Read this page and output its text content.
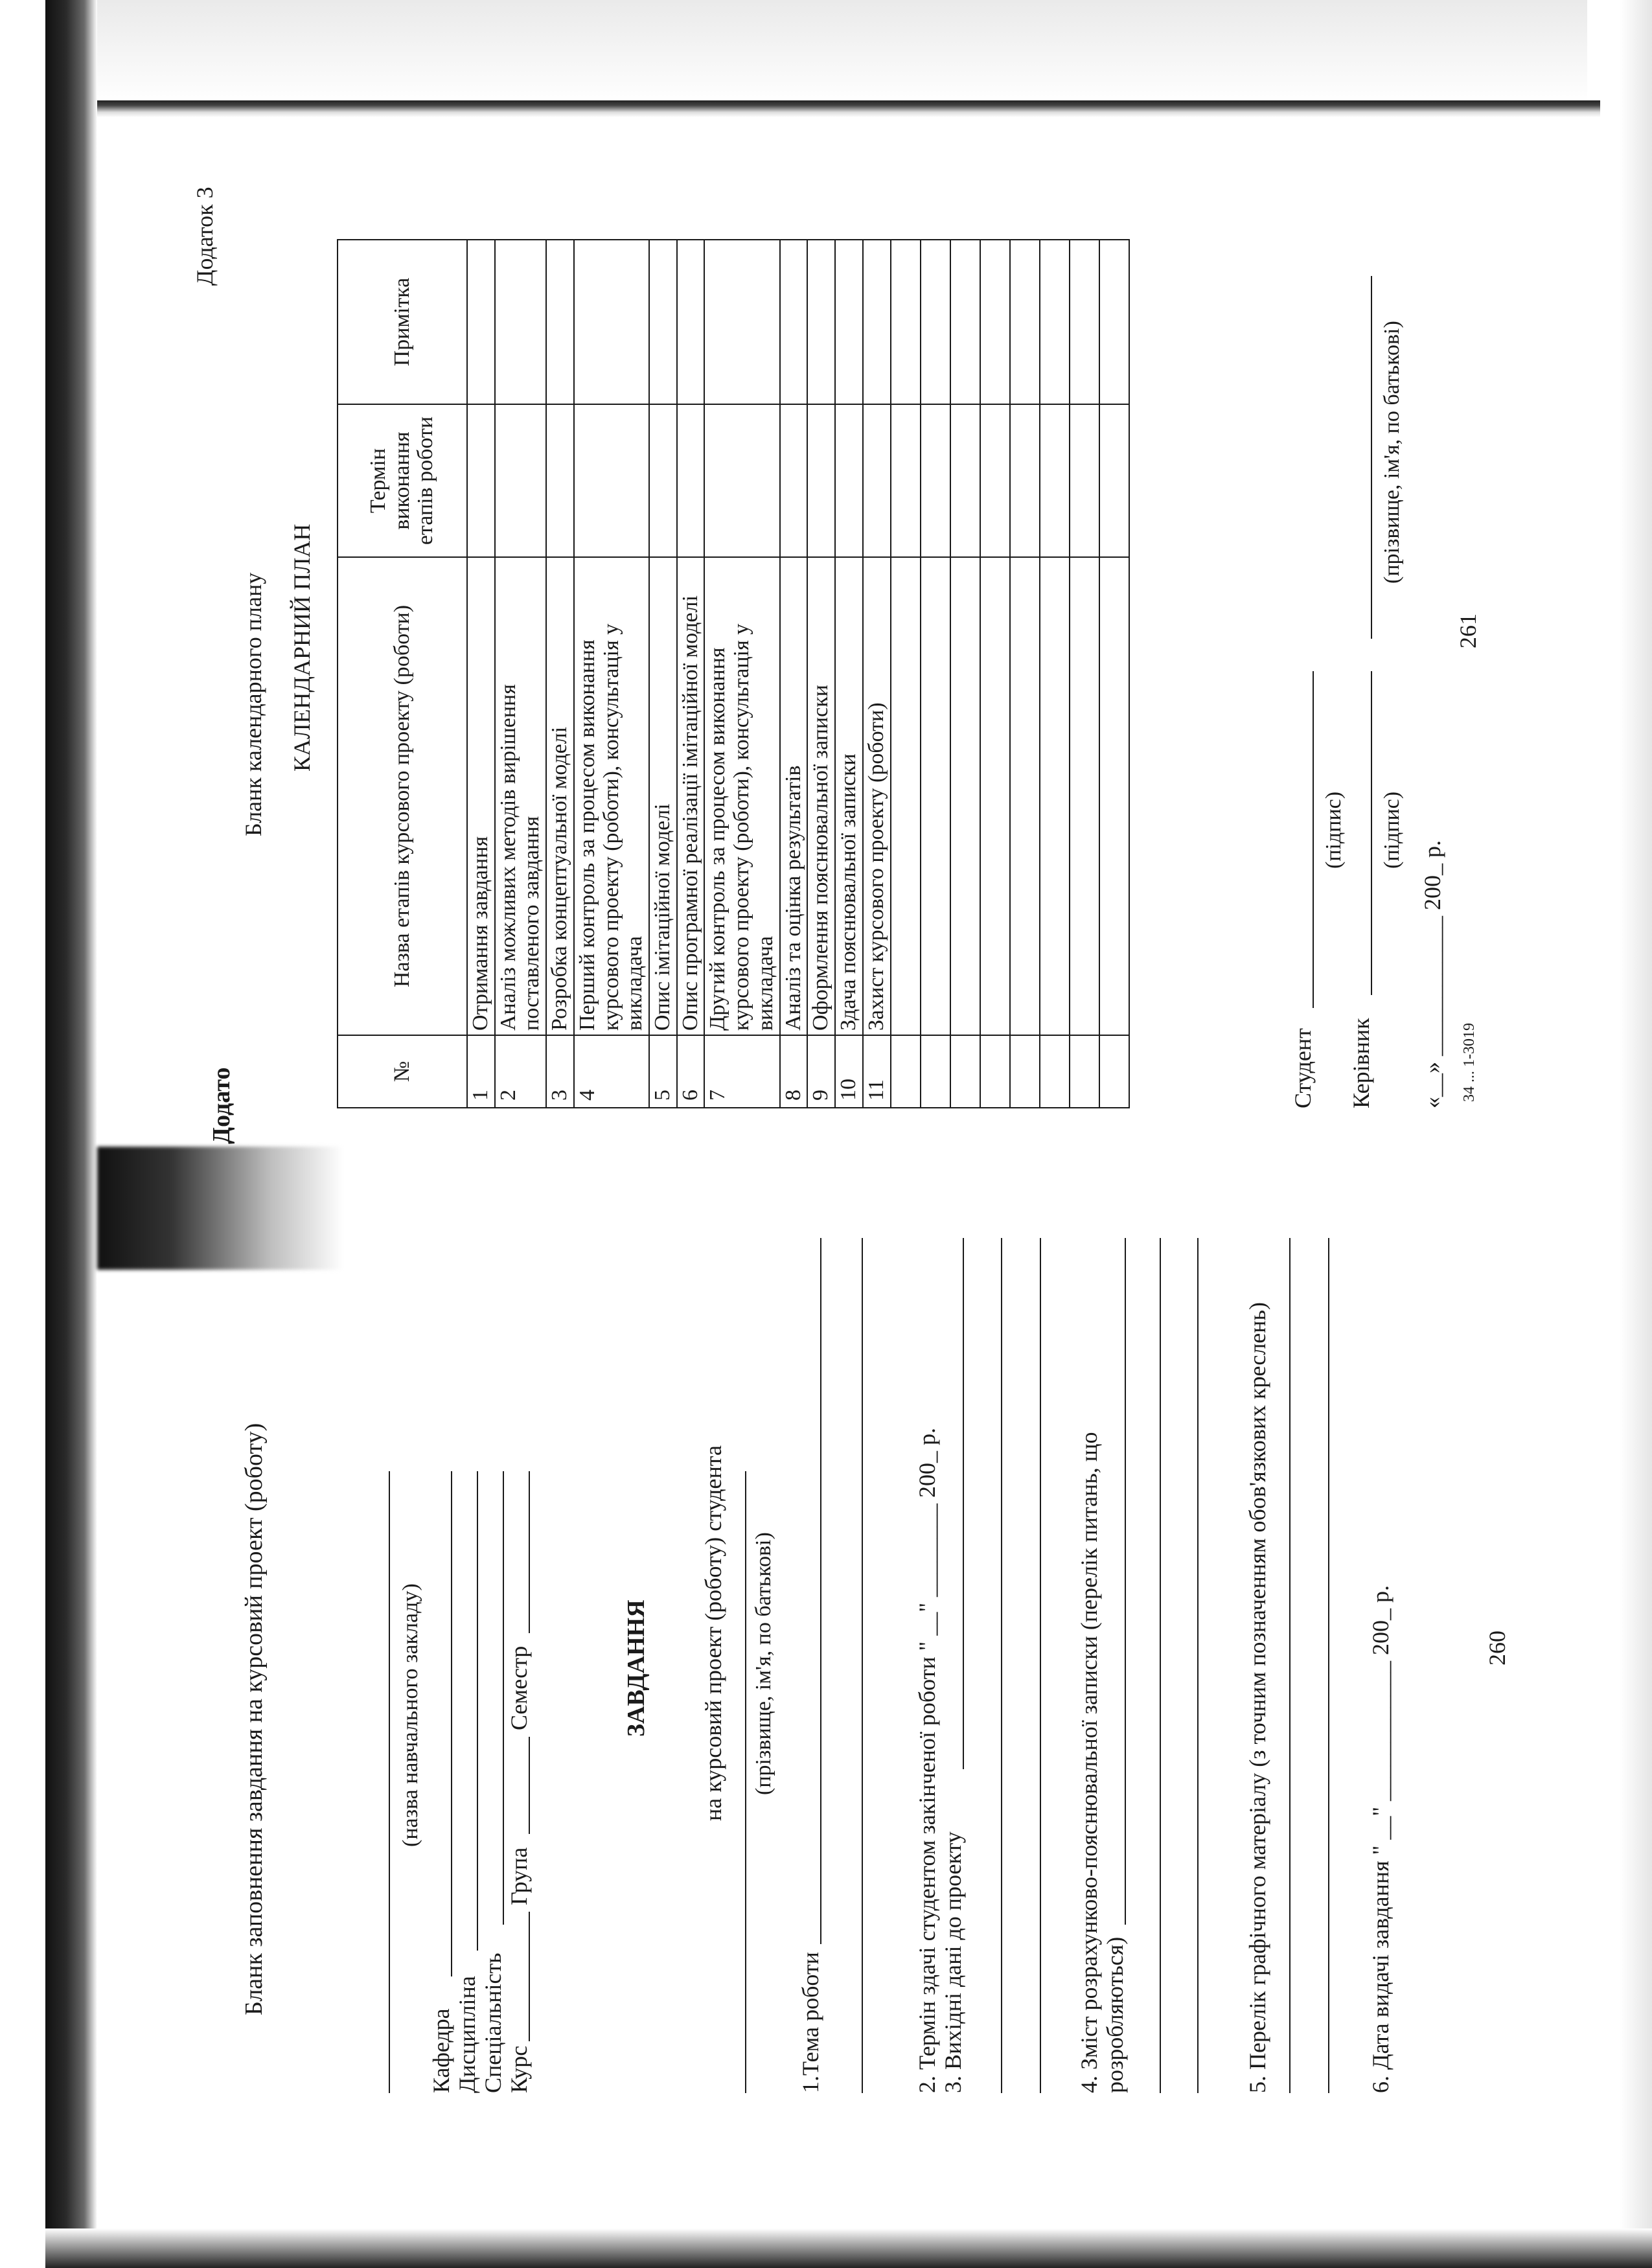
Бланк заповнення завдання на курсовий проект (роботу)	(назва навчального закладу)
Кафедра Дисципліна Спеціальність Курс
Група
Семестр	ЗАВДАННЯ на курсовий проект (роботу) студента (прізвище, ім'я, по батькові)
1.Тема роботи	2. Термін здачі студентом закінченої роботи " __" ________ 200_ р. 3. Вихідні дані до проекту	4. Зміст розрахунково-пояснювальної записки (перелік питань, що розробляються)	5. Перелік графічного матеріалу (з точним позначенням обов'язкових креслень)	6. Дата видачі завдання " __" ____________ 200_ р.	260
Додато
Додаток 3
Бланк календарного плану КАЛЕНДАРНИЙ ПЛАН
№	Назва етапів курсового проекту (роботи)	Термін виконання етапів роботи	Примітка
1	Отримання завдання		
2	Аналіз можливих методів вирішення поставленого завдання		
3	Розробка концептуальної моделі		
4	Перший контроль за процесом виконання курсового проекту (роботи), консультація у викладача		
5	Опис імітаційної моделі		
6	Опис програмної реалізації імітаційної моделі		
7	Другий контроль за процесом виконання курсового проекту (роботи), консультація у викладача		
8	Аналіз та оцінка результатів		
9	Оформлення пояснювальної записки		
10	Здача пояснювальної записки		
11	Захист курсового проекту (роботи)		

Студент
(підпис)
Керівник
(підпис)
(прізвище, ім'я, по батькові)
«__» ____________ 200_ р. 34 ... 1-3019
261
